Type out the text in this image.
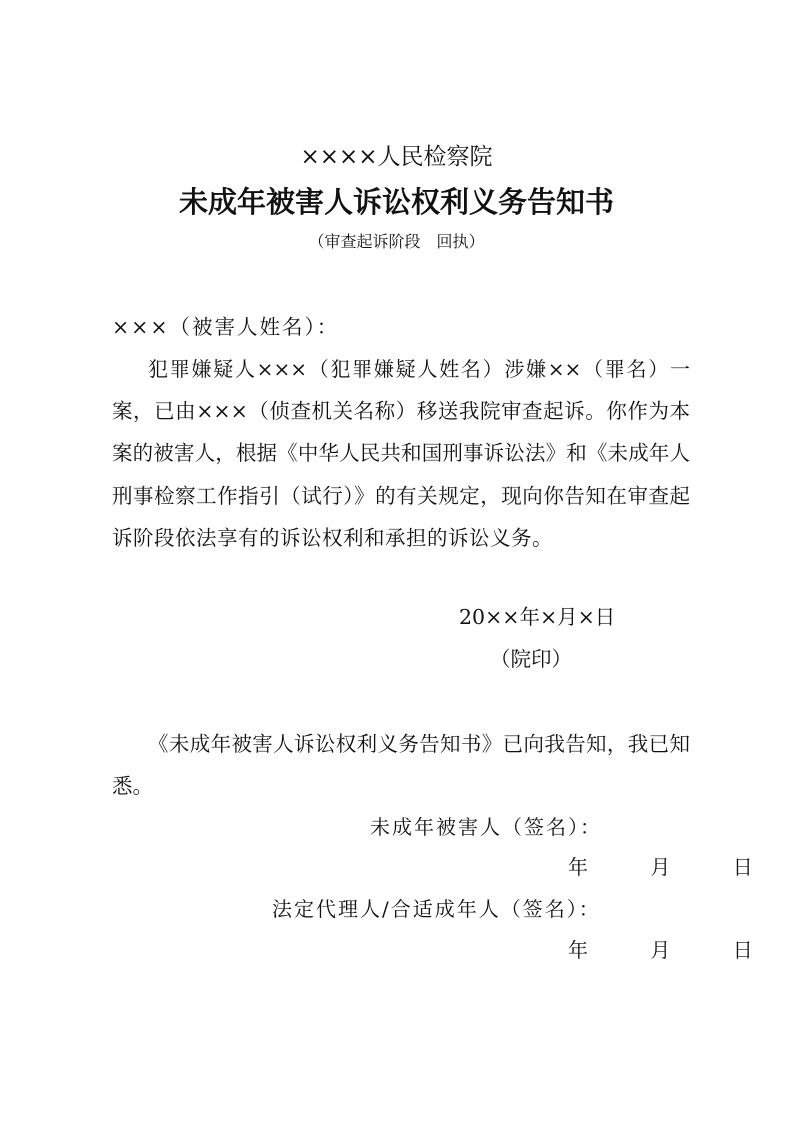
××××人民检察院
未成年被害人诉讼权利义务告知书
（审查起诉阶段　回执）
×××（被害人姓名）：
犯罪嫌疑人×××（犯罪嫌疑人姓名）涉嫌××（罪名）一
案，已由×××（侦查机关名称）移送我院审查起诉。你作为本
案的被害人，根据《中华人民共和国刑事诉讼法》和《未成年人
刑事检察工作指引（试行）》的有关规定，现向你告知在审查起
诉阶段依法享有的诉讼权利和承担的诉讼义务。
20××年×月×日
（院印）
《未成年被害人诉讼权利义务告知书》已向我告知，我已知
悉。
未成年被害人（签名）：
年　 月　 日
法定代理人/合适成年人（签名）：
年　 月　 日
